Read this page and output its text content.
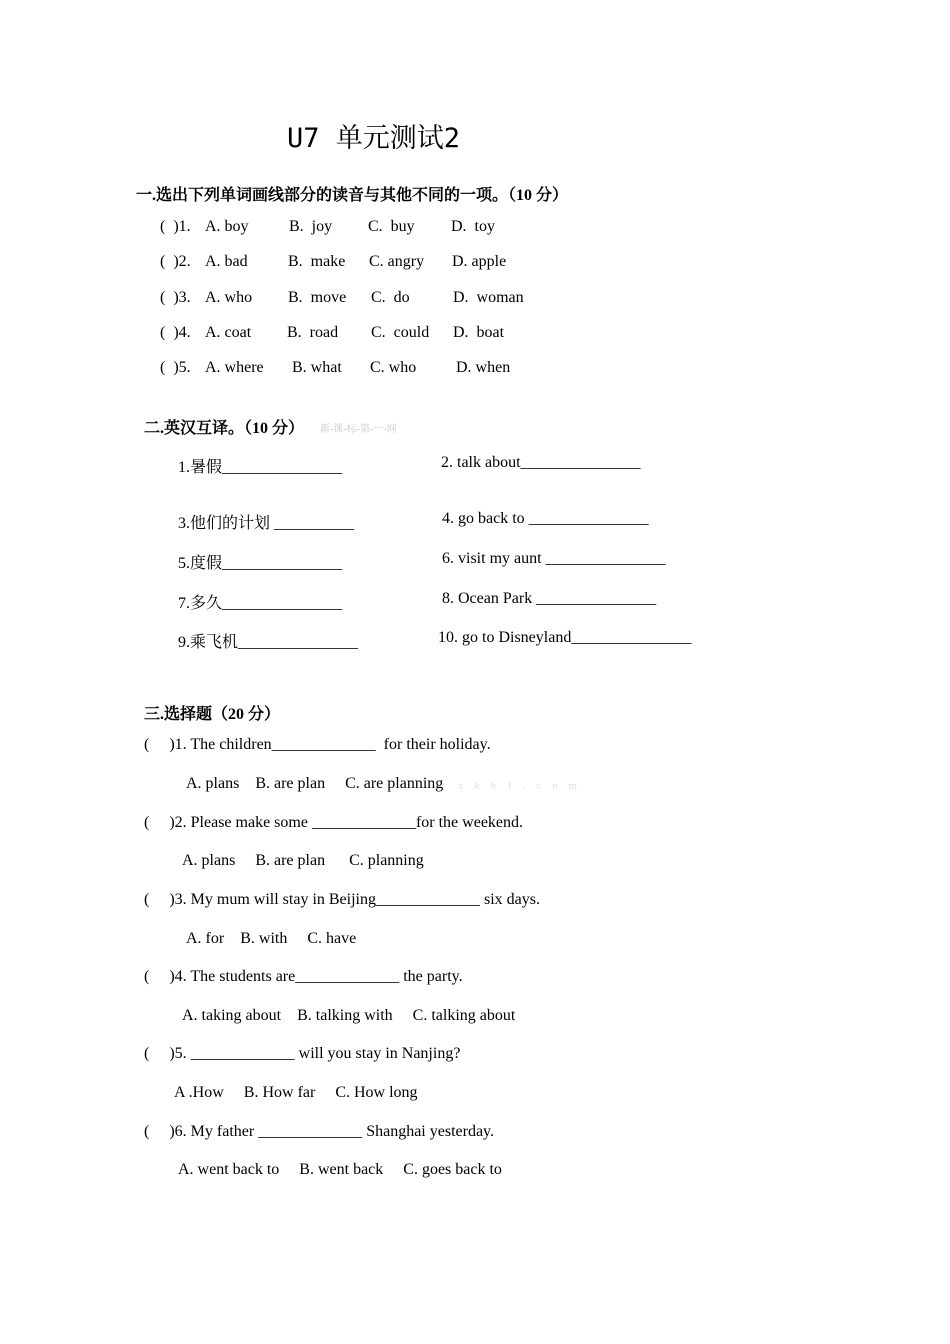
U7 单元测试2
一.选出下列单词画线部分的读音与其他不同的一项。（10 分）
(  )1. A. boy	B.  joy C.  buy D.  toy
(  )2. A. bad	B.  make C. angry D. apple
(  )3. A. who B.  move C.  do	D.  woman
(  )4. A. coat B.  road C.  could D.  boat
(  )5. A. where B. what C. who D. when
二.英汉互译。（10 分） 新-课-标-第-一-网
1.暑假_______________	2. talk about_______________
3.他们的计划 __________	4. go back to _______________
5.度假_______________	6. visit my aunt _______________
7.多久_______________	8. Ocean Park _______________
9.乘飞机_______________	10. go to Disneyland_______________
三.选择题（20 分）
(     )1. The children_____________  for their holiday.
A. plans    B. are plan     C. are planning x k b 1 . c o m
(     )2. Please make some _____________for the weekend.
A. plans     B. are plan      C. planning
(     )3. My mum will stay in Beijing_____________ six days.
A. for    B. with     C. have
(     )4. The students are_____________ the party.
A. taking about    B. talking with     C. talking about
(     )5. _____________ will you stay in Nanjing?
A .How     B. How far     C. How long
(     )6. My father _____________ Shanghai yesterday.
A. went back to     B. went back     C. goes back to
